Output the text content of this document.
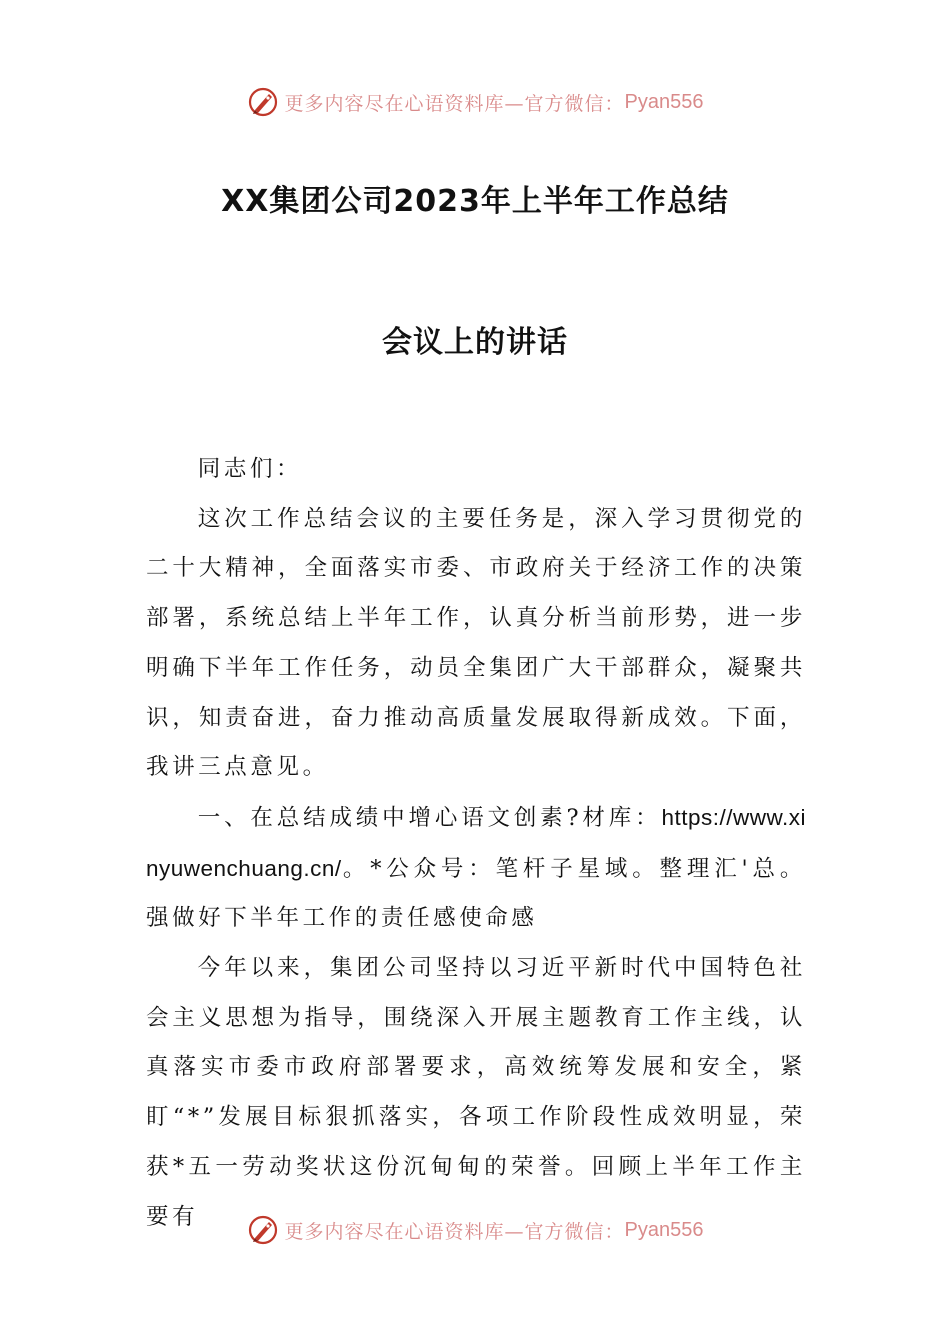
更多内容尽在心语资料库—官方微信： Pyan556
XX集团公司2023年上半年工作总结
会议上的讲话

同志们：

这次工作总结会议的主要任务是，深入学习贯彻党的二十大精神，全面落实市委、市政府关于经济工作的决策部署，系统总结上半年工作，认真分析当前形势，进一步明确下半年工作任务，动员全集团广大干部群众，凝聚共识，知责奋进，奋力推动高质量发展取得新成效。下面，我讲三点意见。

一、在总结成绩中增心语文创素?材库：https://www.xinyuwenchuang.cn/。*公众号：笔杆子星域。整理汇'总。强做好下半年工作的责任感使命感

今年以来，集团公司坚持以习近平新时代中国特色社会主义思想为指导，围绕深入开展主题教育工作主线，认真落实市委市政府部署要求，高效统筹发展和安全，紧盯“*”发展目标狠抓落实，各项工作阶段性成效明显，荣获*五一劳动奖状这份沉甸甸的荣誉。回顾上半年工作主要有

更多内容尽在心语资料库—官方微信： Pyan556
